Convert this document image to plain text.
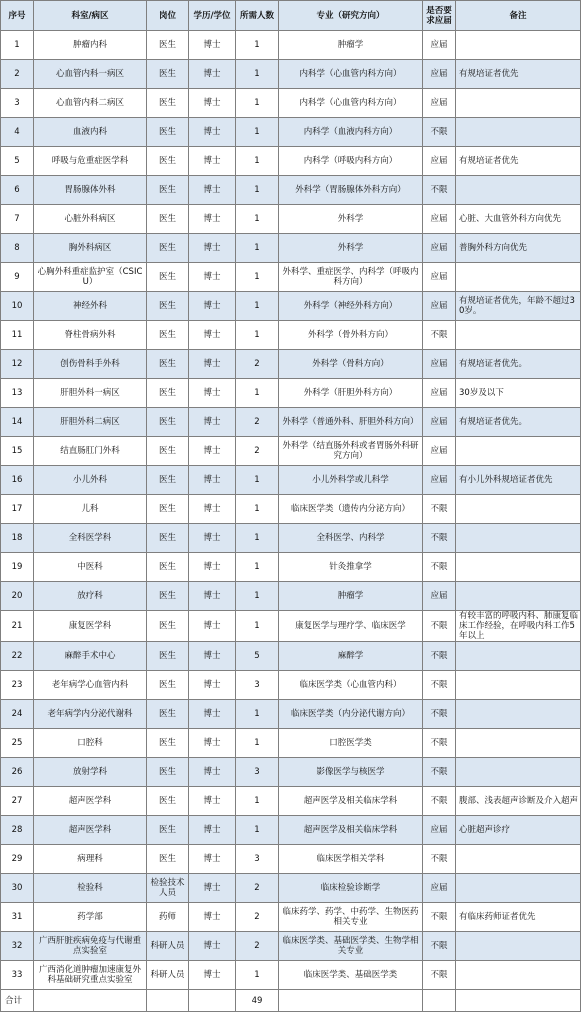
序号	科室/病区	岗位	学历/学位	所需人数	专业（研究方向）	是否要求应届	备注
1	肿瘤内科	医生	博士	1	肿瘤学	应届	
2	心血管内科一病区	医生	博士	1	内科学（心血管内科方向）	应届	有规培证者优先
3	心血管内科二病区	医生	博士	1	内科学（心血管内科方向）	应届	
4	血液内科	医生	博士	1	内科学（血液内科方向）	不限	
5	呼吸与危重症医学科	医生	博士	1	内科学（呼吸内科方向）	应届	有规培证者优先
6	胃肠腺体外科	医生	博士	1	外科学（胃肠腺体外科方向）	不限	
7	心脏外科病区	医生	博士	1	外科学	应届	心脏、大血管外科方向优先
8	胸外科病区	医生	博士	1	外科学	应届	普胸外科方向优先
9	心胸外科重症监护室（CSICU）	医生	博士	1	外科学、重症医学、内科学（呼吸内科方向）	应届	
10	神经外科	医生	博士	1	外科学（神经外科方向）	应届	有规培证者优先，年龄不超过30岁。
11	脊柱骨病外科	医生	博士	1	外科学（骨外科方向）	不限	
12	创伤骨科手外科	医生	博士	2	外科学（骨科方向）	应届	有规培证者优先。
13	肝胆外科一病区	医生	博士	1	外科学（肝胆外科方向）	应届	30岁及以下
14	肝胆外科二病区	医生	博士	2	外科学（普通外科、肝胆外科方向）	应届	有规培证者优先。
15	结直肠肛门外科	医生	博士	2	外科学（结直肠外科或者胃肠外科研究方向）	应届	
16	小儿外科	医生	博士	1	小儿外科学或儿科学	应届	有小儿外科规培证者优先
17	儿科	医生	博士	1	临床医学类（遗传内分泌方向）	不限	
18	全科医学科	医生	博士	1	全科医学、内科学	不限	
19	中医科	医生	博士	1	针灸推拿学	不限	
20	放疗科	医生	博士	1	肿瘤学	应届	
21	康复医学科	医生	博士	1	康复医学与理疗学、临床医学	不限	有较丰富的呼吸内科、肺康复临床工作经验，在呼吸内科工作5年以上
22	麻醉手术中心	医生	博士	5	麻醉学	不限	
23	老年病学心血管内科	医生	博士	3	临床医学类（心血管内科）	不限	
24	老年病学内分泌代谢科	医生	博士	1	临床医学类（内分泌代谢方向）	不限	
25	口腔科	医生	博士	1	口腔医学类	不限	
26	放射学科	医生	博士	3	影像医学与核医学	不限	
27	超声医学科	医生	博士	1	超声医学及相关临床学科	不限	腹部、浅表超声诊断及介入超声
28	超声医学科	医生	博士	1	超声医学及相关临床学科	应届	心脏超声诊疗
29	病理科	医生	博士	3	临床医学相关学科	不限	
30	检验科	检验技术人员	博士	2	临床检验诊断学	应届	
31	药学部	药师	博士	2	临床药学、药学、中药学、生物医药相关专业	不限	有临床药师证者优先
32	广西肝脏疾病免疫与代谢重点实验室	科研人员	博士	2	临床医学类、基础医学类、生物学相关专业	不限	
33	广西消化道肿瘤加速康复外科基础研究重点实验室	科研人员	博士	1	临床医学类、基础医学类	不限	
合计				49			
